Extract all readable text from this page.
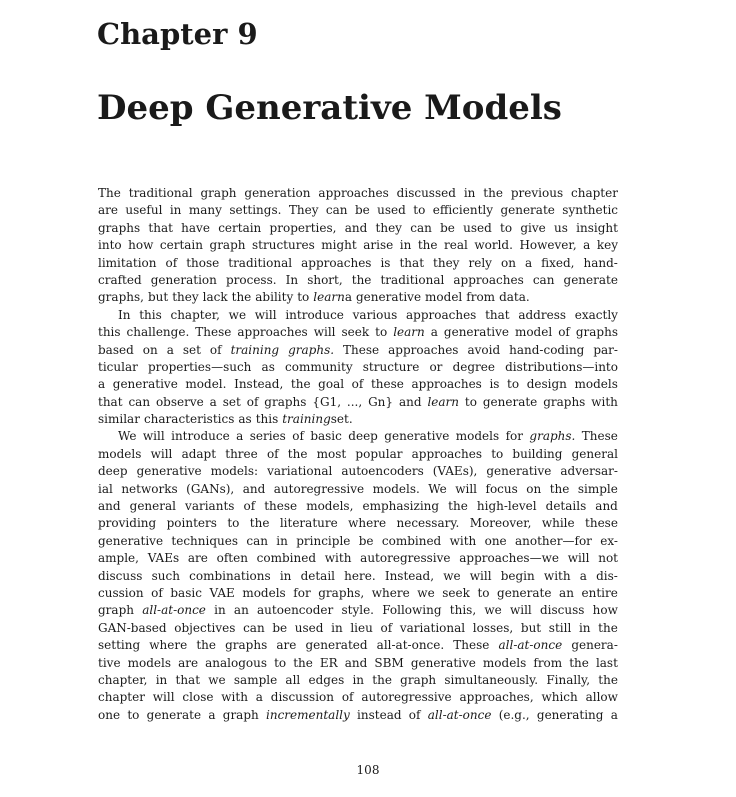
Chapter 9
Deep Generative Models
The traditional graph generation approaches discussed in the previous chapter
are useful in many settings. They can be used to efficiently generate synthetic
graphs that have certain properties, and they can be used to give us insight
into how certain graph structures might arise in the real world. However, a key
limitation of those traditional approaches is that they rely on a fixed, hand-
crafted generation process. In short, the traditional approaches can generate
graphs, but they lack the ability to learn a generative model from data.
In this chapter, we will introduce various approaches that address exactly
this challenge. These approaches will seek to learn a generative model of graphs
based on a set of training graphs. These approaches avoid hand-coding par-
ticular properties—such as community structure or degree distributions—into
a generative model. Instead, the goal of these approaches is to design models
that can observe a set of graphs {G1, ..., Gn} and learn to generate graphs with
similar characteristics as this training set.
We will introduce a series of basic deep generative models for graphs. These
models will adapt three of the most popular approaches to building general
deep generative models: variational autoencoders (VAEs), generative adversar-
ial networks (GANs), and autoregressive models. We will focus on the simple
and general variants of these models, emphasizing the high-level details and
providing pointers to the literature where necessary. Moreover, while these
generative techniques can in principle be combined with one another—for ex-
ample, VAEs are often combined with autoregressive approaches—we will not
discuss such combinations in detail here. Instead, we will begin with a dis-
cussion of basic VAE models for graphs, where we seek to generate an entire
graph all-at-once in an autoencoder style. Following this, we will discuss how
GAN-based objectives can be used in lieu of variational losses, but still in the
setting where the graphs are generated all-at-once. These all-at-once genera-
tive models are analogous to the ER and SBM generative models from the last
chapter, in that we sample all edges in the graph simultaneously. Finally, the
chapter will close with a discussion of autoregressive approaches, which allow
one to generate a graph incrementally instead of all-at-once (e.g., generating a
108
